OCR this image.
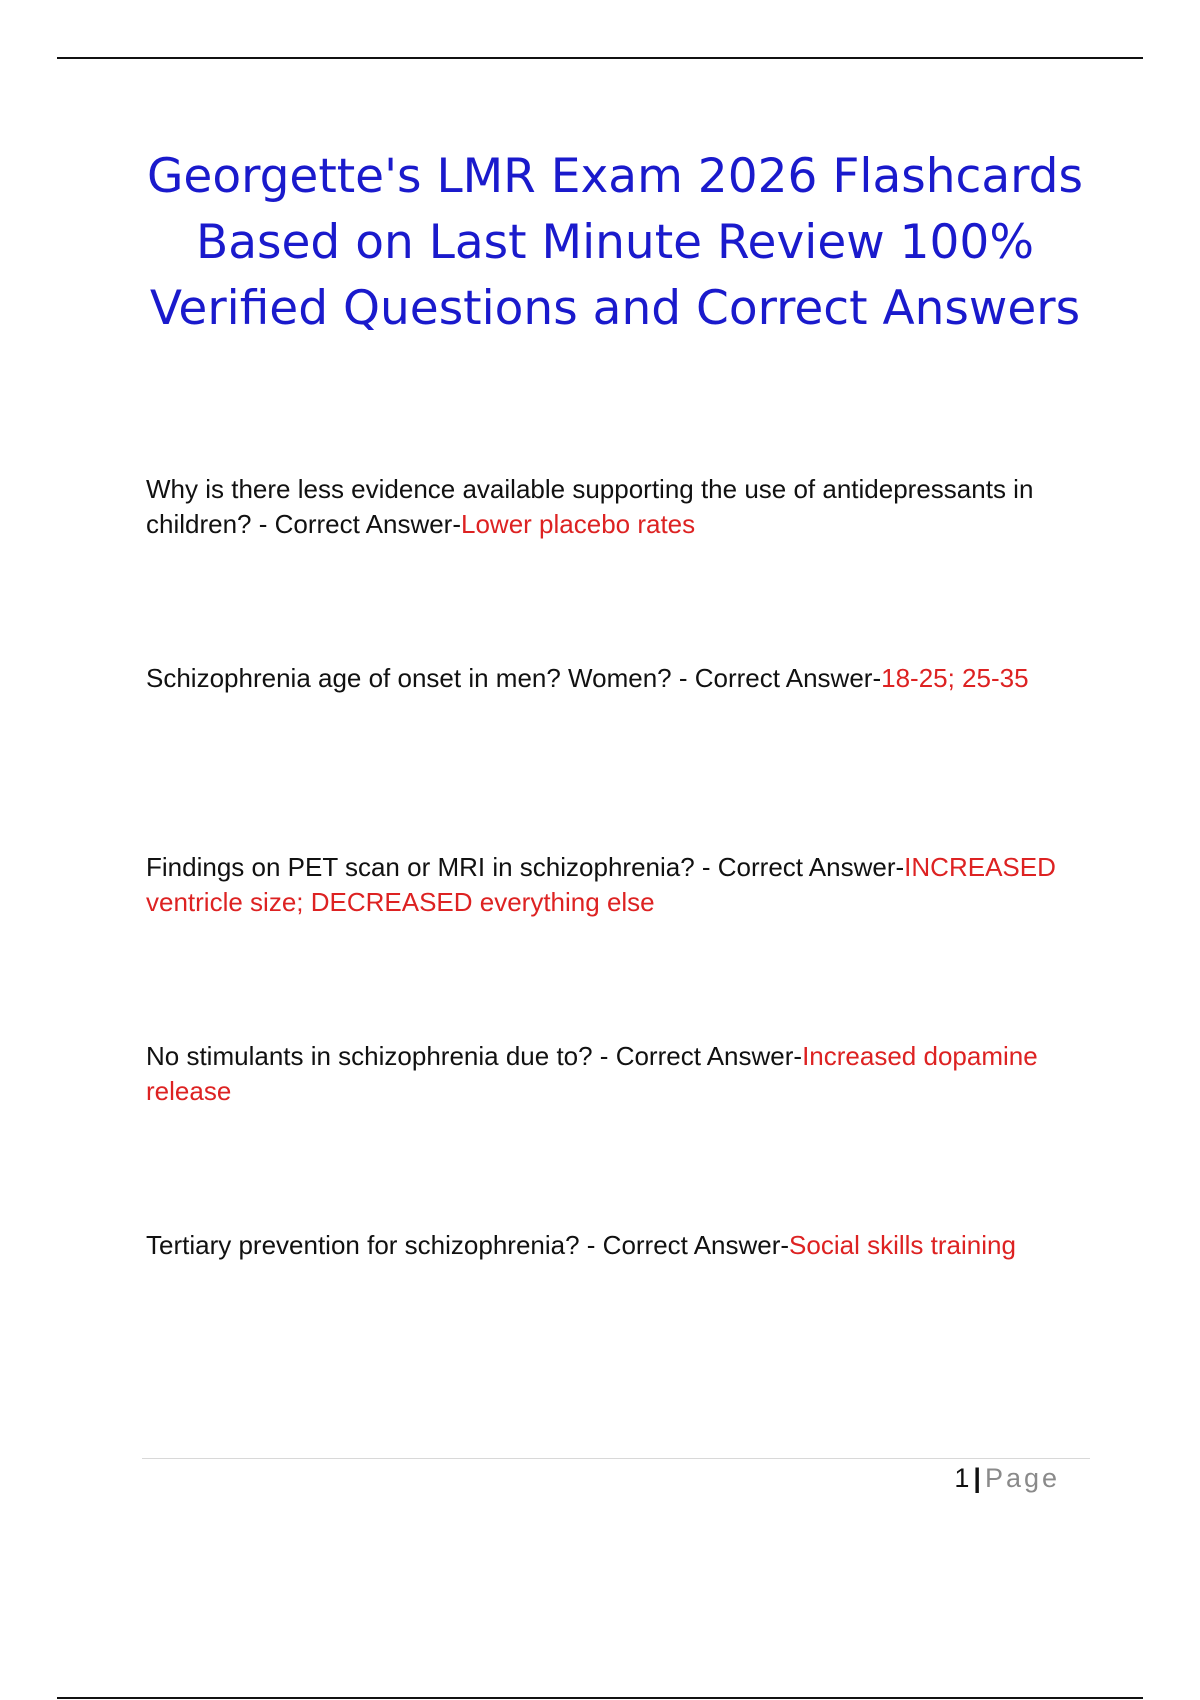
Georgette's LMR Exam 2026 Flashcards Based on Last Minute Review 100% Verified Questions and Correct Answers

Why is there less evidence available supporting the use of antidepressants in children? - Correct Answer-Lower placebo rates

Schizophrenia age of onset in men? Women? - Correct Answer-18-25; 25-35

Findings on PET scan or MRI in schizophrenia? - Correct Answer-INCREASED ventricle size; DECREASED everything else

No stimulants in schizophrenia due to? - Correct Answer-Increased dopamine release

Tertiary prevention for schizophrenia? - Correct Answer-Social skills training

1 | Page
